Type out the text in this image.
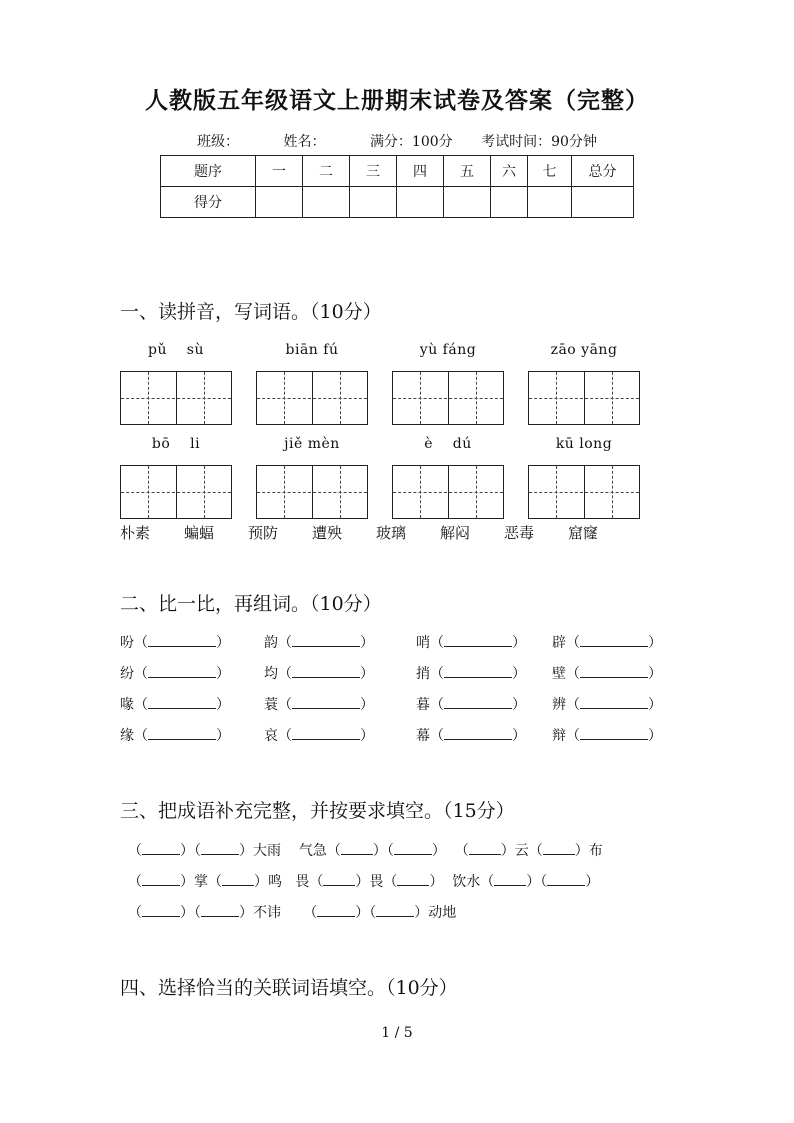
人教版五年级语文上册期末试卷及答案（完整）
班级：	姓名：	满分：100分 考试时间：90分钟
题序	一	二	三	四	五	六	七	总分
得分								
一、读拼音，写词语。（10分）
pǔ    sù	biān fú	yù fáng	zāo yāng
bō    li	jiě mèn	è    dú	kū long
朴素 蝙蝠 预防 遭殃 玻璃 解闷 恶毒 窟窿
二、比一比，再组词。（10分）
吩（	） 韵（	）	哨（	） 辟（	）
纷（	） 均（	）	捎（	） 壁（	）
喙（	） 蓑（	）	暮（	） 辨（	）
缘（	） 哀（	）	幕（	） 辩（	）
三、把成语补充完整，并按要求填空。（15分）
（	）（	）大雨 气急（ ）（	） （ ）云（ ）布
（	）掌（ ）鸣 畏（ ）畏（ ） 饮水（ ）（	）
（	）（	）不讳 （	）（	）动地
四、选择恰当的关联词语填空。（10分）
1 / 5
